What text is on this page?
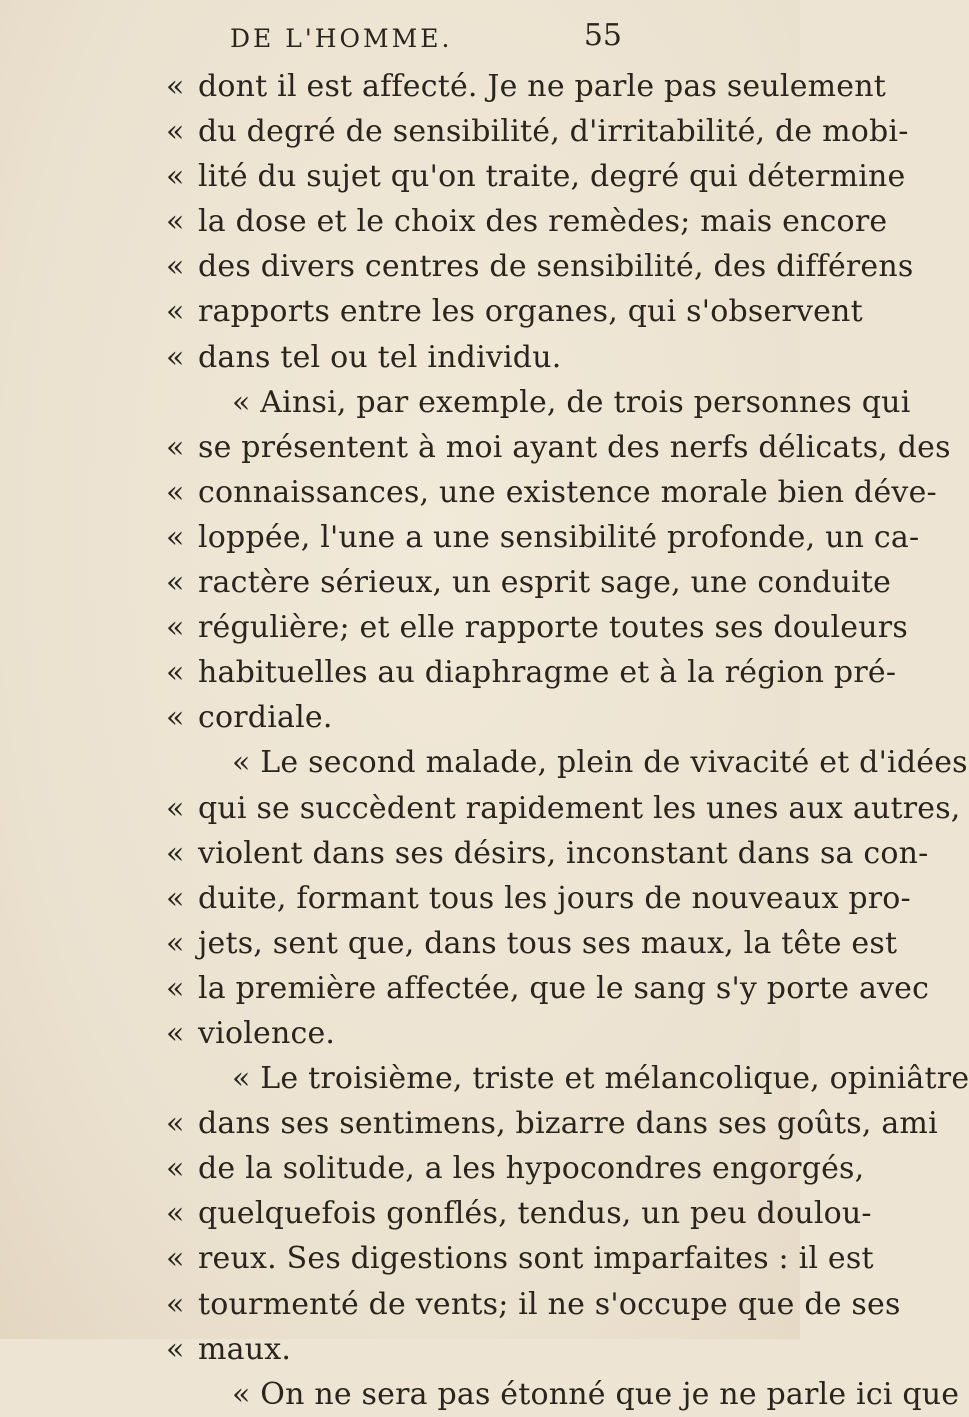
DE L'HOMME.	55
« dont il est affecté. Je ne parle pas seulement
« du degré de sensibilité, d'irritabilité, de mobi-
« lité du sujet qu'on traite, degré qui détermine
« la dose et le choix des remèdes; mais encore
« des divers centres de sensibilité, des différens
« rapports entre les organes, qui s'observent
« dans tel ou tel individu.
« Ainsi, par exemple, de trois personnes qui
« se présentent à moi ayant des nerfs délicats, des
« connaissances, une existence morale bien déve-
« loppée, l'une a une sensibilité profonde, un ca-
« ractère sérieux, un esprit sage, une conduite
« régulière; et elle rapporte toutes ses douleurs
« habituelles au diaphragme et à la région pré-
« cordiale.
« Le second malade, plein de vivacité et d'idées
« qui se succèdent rapidement les unes aux autres,
« violent dans ses désirs, inconstant dans sa con-
« duite, formant tous les jours de nouveaux pro-
« jets, sent que, dans tous ses maux, la tête est
« la première affectée, que le sang s'y porte avec
« violence.
« Le troisième, triste et mélancolique, opiniâtre
« dans ses sentimens, bizarre dans ses goûts, ami
« de la solitude, a les hypocondres engorgés,
« quelquefois gonflés, tendus, un peu doulou-
« reux. Ses digestions sont imparfaites : il est
« tourmenté de vents; il ne s'occupe que de ses
« maux.
« On ne sera pas étonné que je ne parle ici que
